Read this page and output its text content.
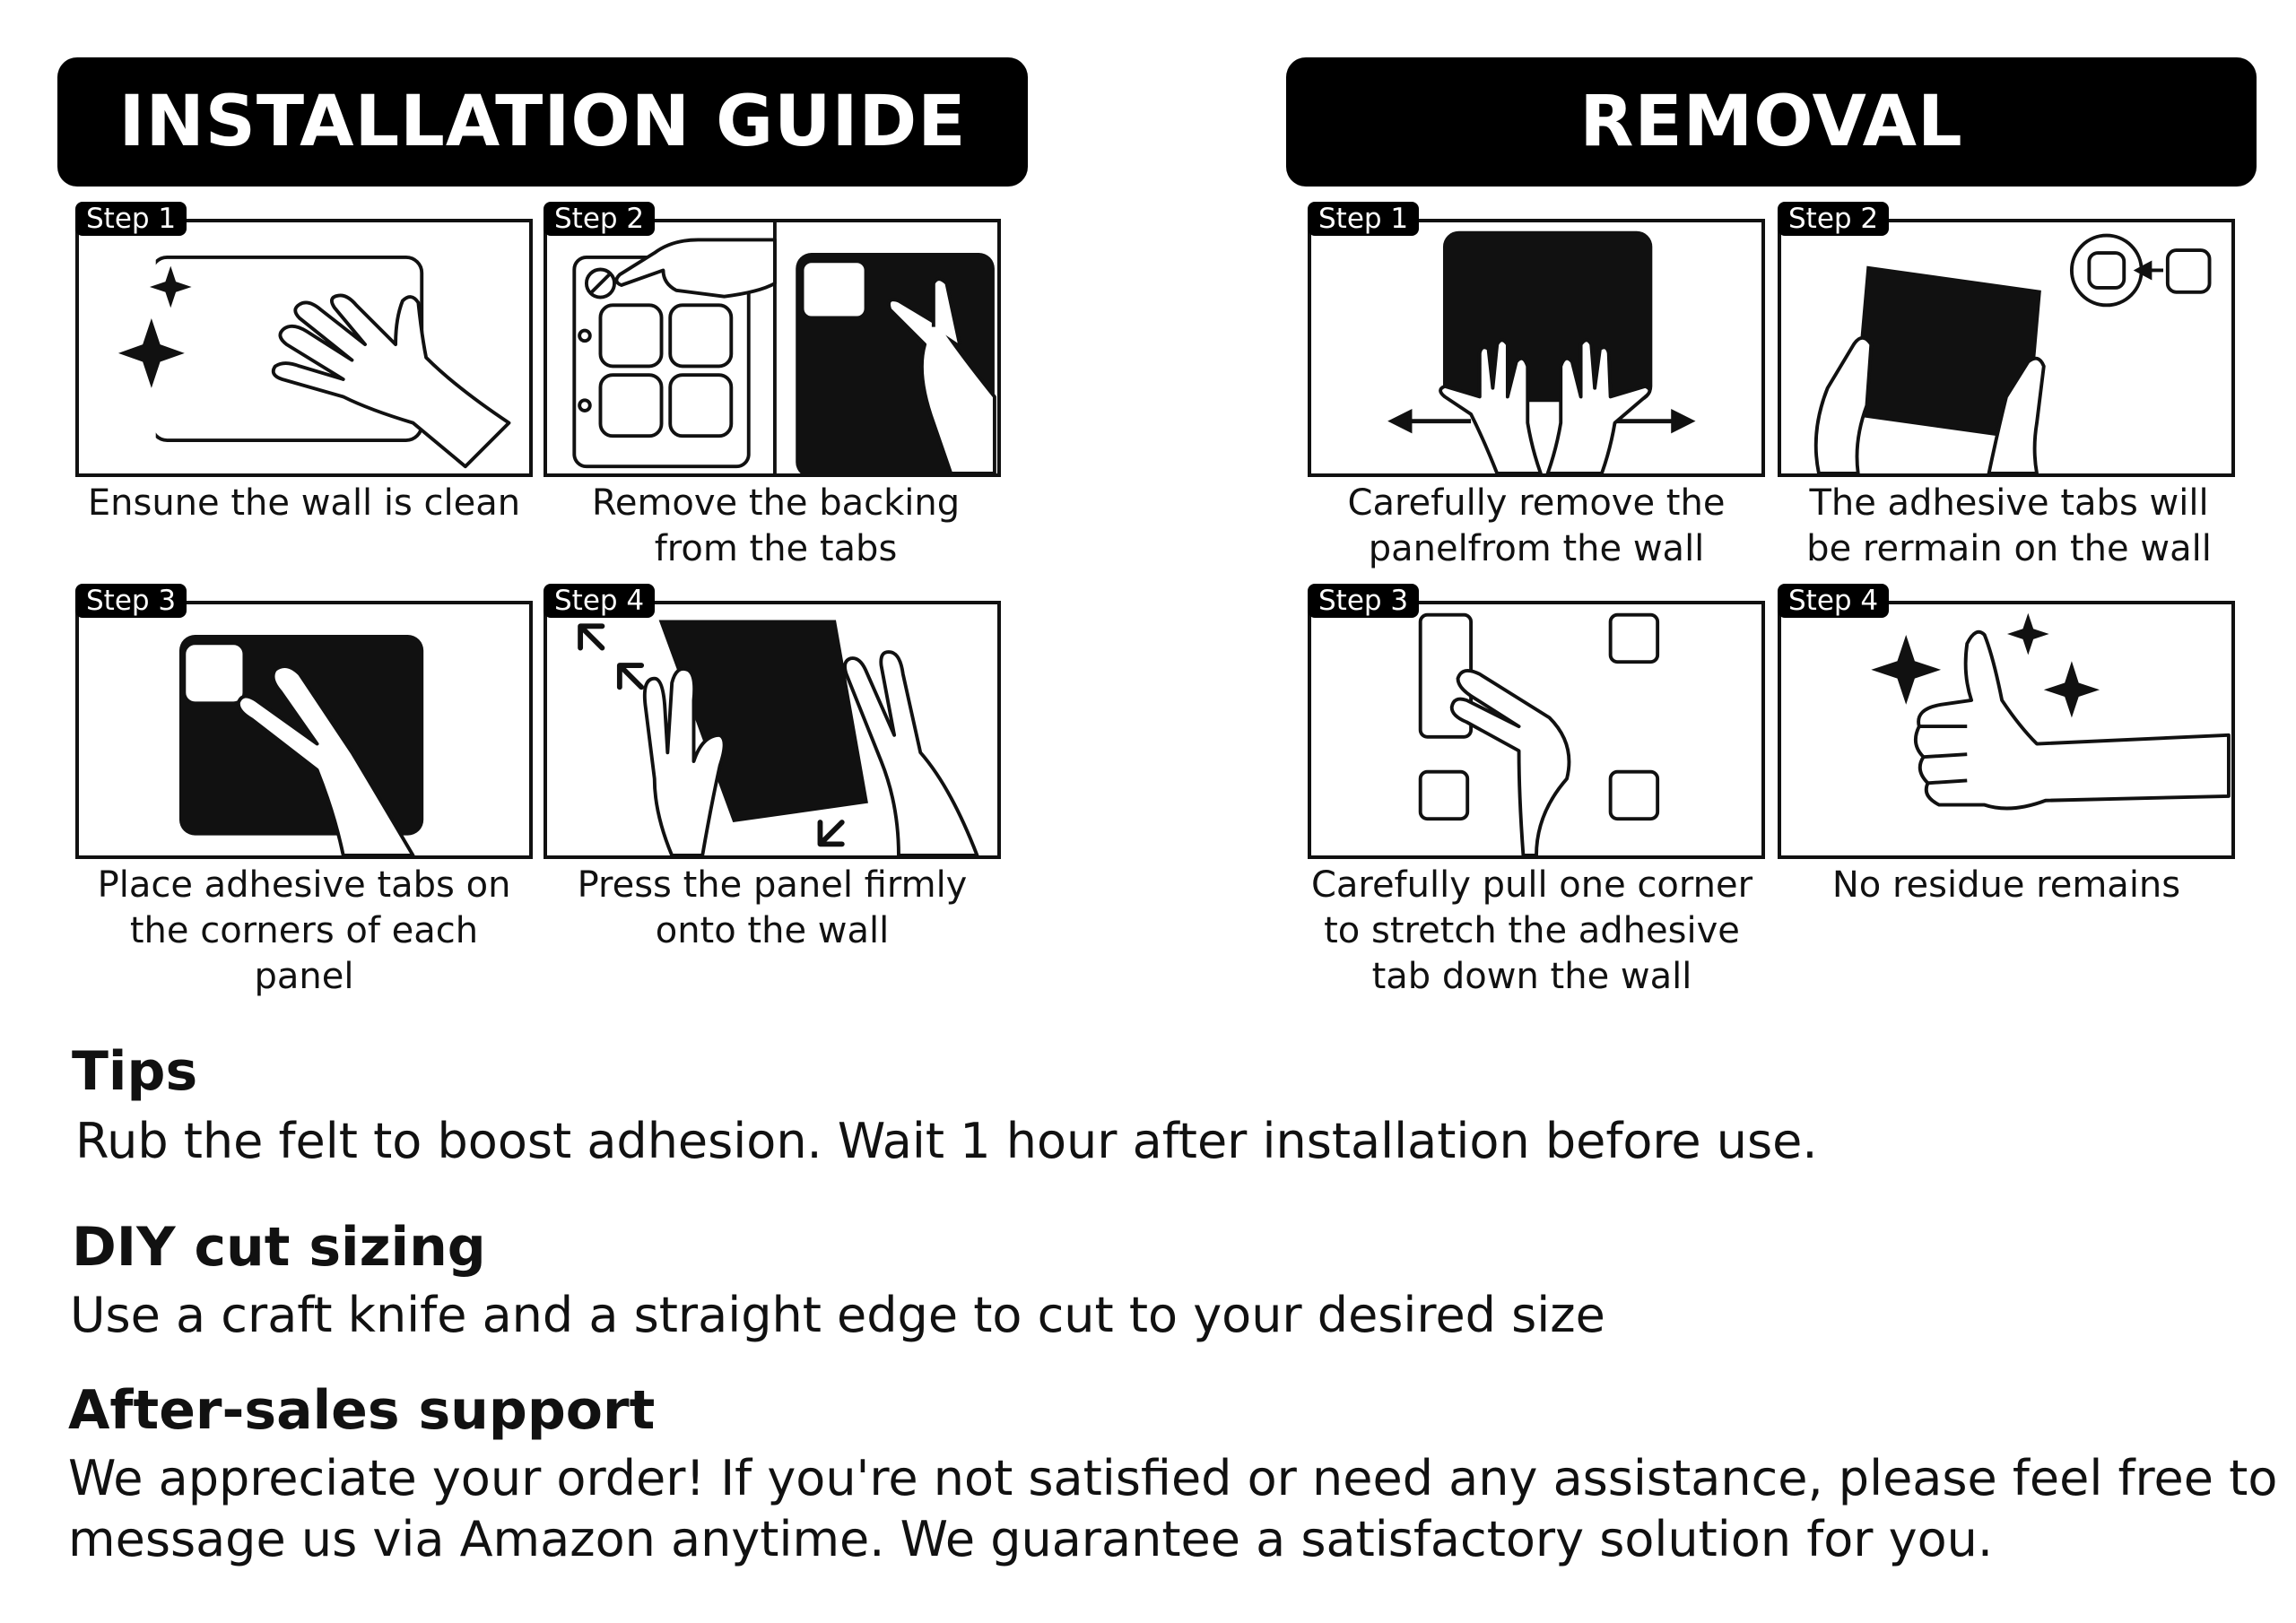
INSTALLATION GUIDE
Step 1
Ensune the wall is clean
Step 2
Remove the backing from the tabs
Step 3
Place adhesive tabs on the corners of each panel
Step 4
Press the panel firmly onto the wall
REMOVAL
Step 1
Carefully remove the panelfrom the wall
Step 2
The adhesive tabs will be rermain on the wall
Step 3
Carefully pull one corner to stretch the adhesive tab down the wall
Step 4
No residue remains
Tips
Rub the felt to boost adhesion. Wait 1 hour after installation before use.
DIY cut sizing
Use a craft knife and a straight edge to cut to your desired size
After-sales support
We appreciate your order! If you're not satisfied or need any assistance, please feel free to
message us via Amazon anytime. We guarantee a satisfactory solution for you.
